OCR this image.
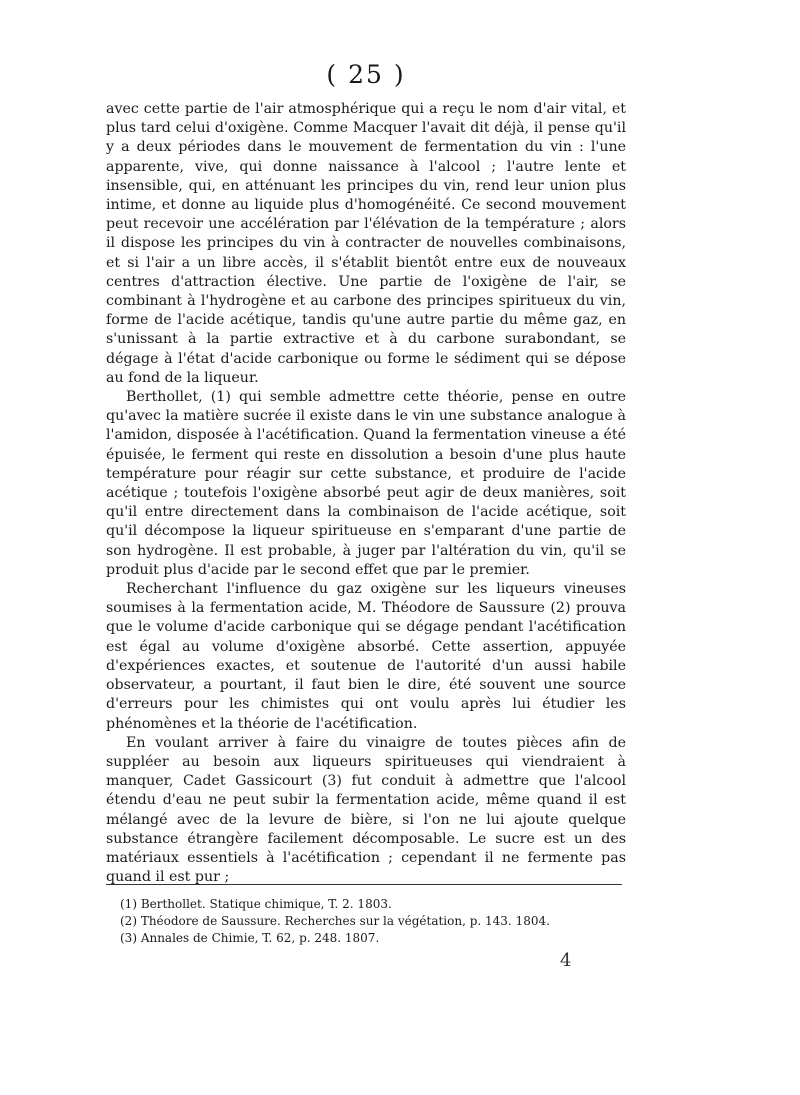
( 25 )

avec cette partie de l'air atmosphérique qui a reçu le nom d'air vital, et plus tard celui d'oxigène. Comme Macquer l'avait dit déjà, il pense qu'il y a deux périodes dans le mouvement de fermentation du vin : l'une apparente, vive, qui donne naissance à l'alcool ; l'autre lente et insensible, qui, en atténuant les principes du vin, rend leur union plus intime, et donne au liquide plus d'homogénéité. Ce second mouvement peut recevoir une accélération par l'élévation de la température ; alors il dispose les principes du vin à contracter de nouvelles combinaisons, et si l'air a un libre accès, il s'établit bientôt entre eux de nouveaux centres d'attraction élective. Une partie de l'oxigène de l'air, se combinant à l'hydrogène et au carbone des principes spiritueux du vin, forme de l'acide acétique, tandis qu'une autre partie du même gaz, en s'unissant à la partie extractive et à du carbone surabondant, se dégage à l'état d'acide carbonique ou forme le sédiment qui se dépose au fond de la liqueur.

Berthollet, (1) qui semble admettre cette théorie, pense en outre qu'avec la matière sucrée il existe dans le vin une substance analogue à l'amidon, disposée à l'acétification. Quand la fermentation vineuse a été épuisée, le ferment qui reste en dissolution a besoin d'une plus haute température pour réagir sur cette substance, et produire de l'acide acétique ; toutefois l'oxigène absorbé peut agir de deux manières, soit qu'il entre directement dans la combinaison de l'acide acétique, soit qu'il décompose la liqueur spiritueuse en s'emparant d'une partie de son hydrogène. Il est probable, à juger par l'altération du vin, qu'il se produit plus d'acide par le second effet que par le premier.

Recherchant l'influence du gaz oxigène sur les liqueurs vineuses soumises à la fermentation acide, M. Théodore de Saussure (2) prouva que le volume d'acide carbonique qui se dégage pendant l'acétification est égal au volume d'oxigène absorbé. Cette assertion, appuyée d'expériences exactes, et soutenue de l'autorité d'un aussi habile observateur, a pourtant, il faut bien le dire, été souvent une source d'erreurs pour les chimistes qui ont voulu après lui étudier les phénomènes et la théorie de l'acétification.

En voulant arriver à faire du vinaigre de toutes pièces afin de suppléer au besoin aux liqueurs spiritueuses qui viendraient à manquer, Cadet Gassicourt (3) fut conduit à admettre que l'alcool étendu d'eau ne peut subir la fermentation acide, même quand il est mélangé avec de la levure de bière, si l'on ne lui ajoute quelque substance étrangère facilement décomposable. Le sucre est un des matériaux essentiels à l'acétification ; cependant il ne fermente pas quand il est pur ;

(1) Berthollet. Statique chimique, T. 2. 1803.
(2) Théodore de Saussure. Recherches sur la végétation, p. 143. 1804.
(3) Annales de Chimie, T. 62, p. 248. 1807.
4
